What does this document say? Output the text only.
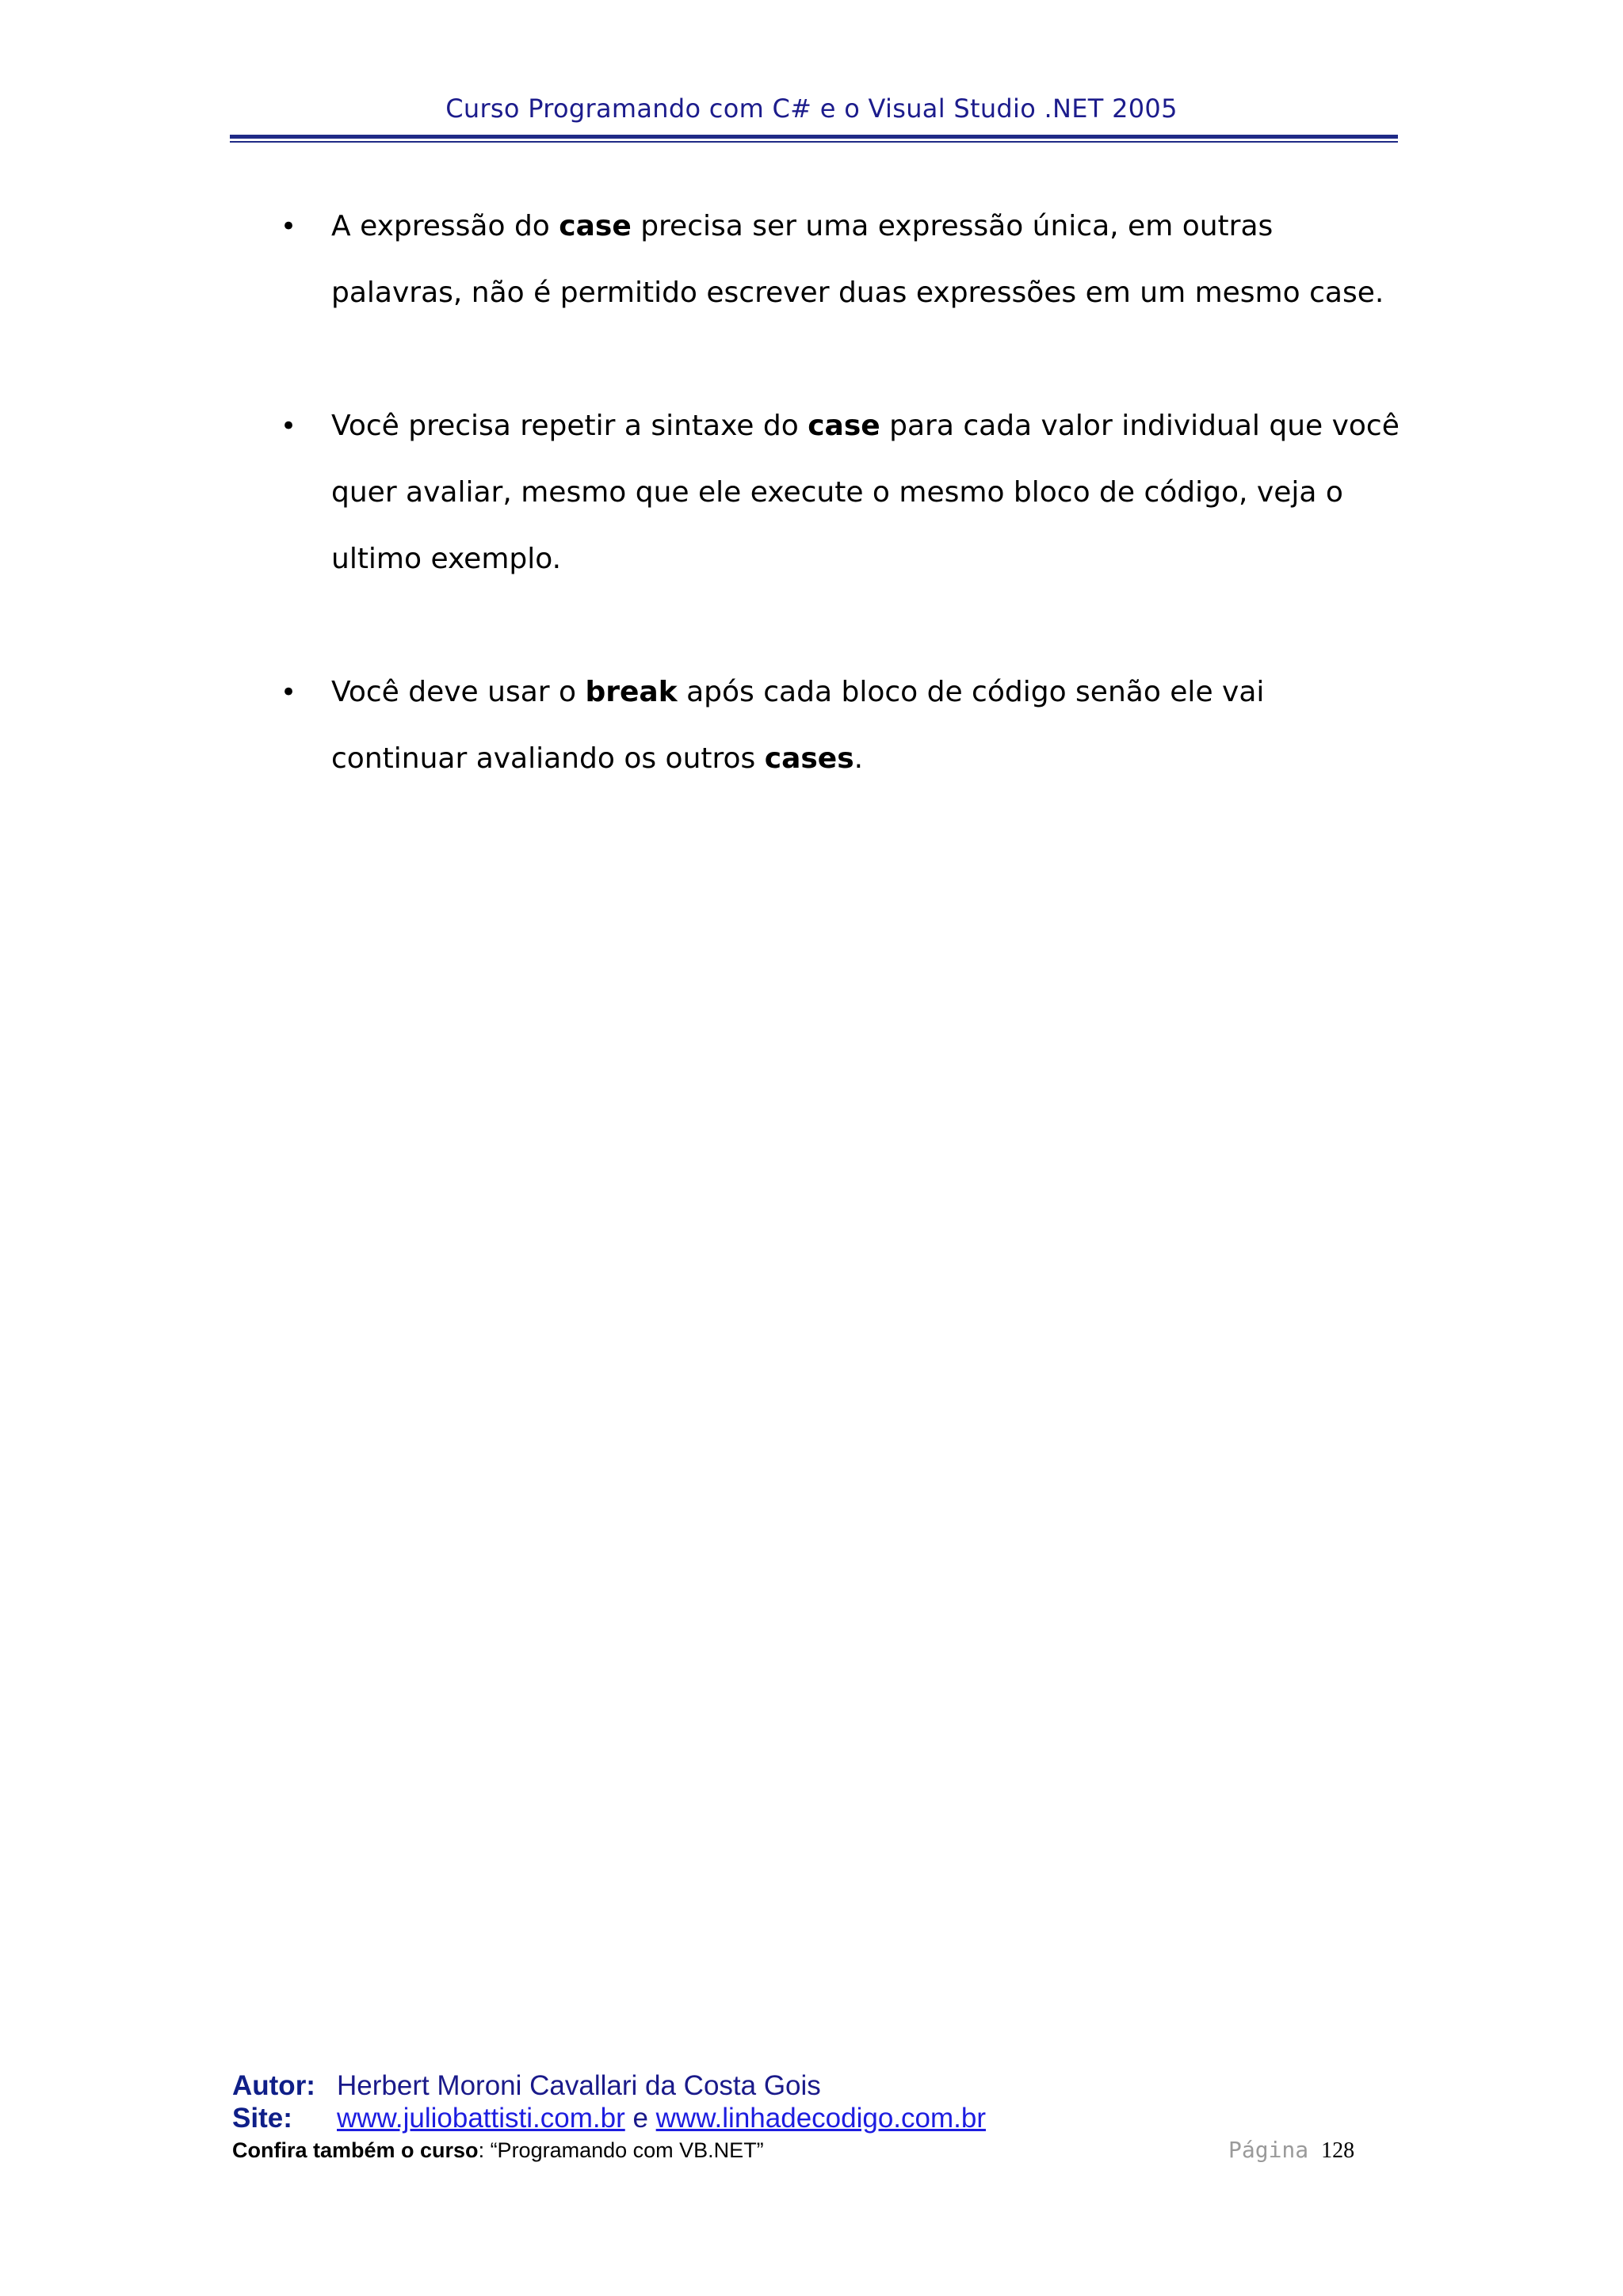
Curso Programando com C# e o Visual Studio .NET 2005
• A expressão do case precisa ser uma expressão única, em outras palavras, não é permitido escrever duas expressões em um mesmo case.
• Você precisa repetir a sintaxe do case para cada valor individual que você quer avaliar, mesmo que ele execute o mesmo bloco de código, veja o ultimo exemplo.
• Você deve usar o break após cada bloco de código senão ele vai continuar avaliando os outros cases.
Autor: Herbert Moroni Cavallari da Costa Gois
Site: www.juliobattisti.com.br e www.linhadecodigo.com.br
Confira também o curso: “Programando com VB.NET”	Página 128
